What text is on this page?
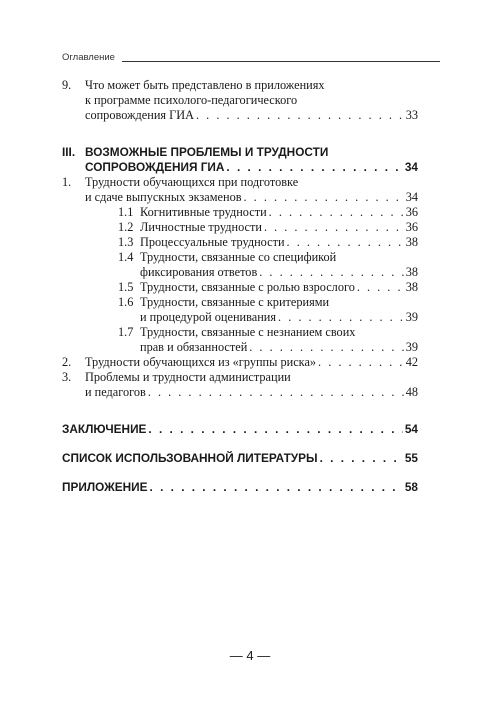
Оглавление
9. Что может быть представлено в приложениях
к программе психолого-педагогического
сопровождения ГИА . . .	33
III. ВОЗМОЖНЫЕ ПРОБЛЕМЫ И ТРУДНОСТИ
СОПРОВОЖДЕНИЯ ГИА . . .	34
1. Трудности обучающихся при подготовке
и сдаче выпускных экзаменов . . .	34
1.1 Когнитивные трудности . . .	36
1.2 Личностные трудности . . .	36
1.3 Процессуальные трудности . . .	38
1.4 Трудности, связанные со спецификой
фиксирования ответов . . .	38
1.5 Трудности, связанные с ролью взрослого . . .	38
1.6 Трудности, связанные с критериями
и процедурой оценивания . . .	39
1.7 Трудности, связанные с незнанием своих
прав и обязанностей . . .	39
2. Трудности обучающихся из «группы риска» . . .	42
3. Проблемы и трудности администрации
и педагогов . . .	48
ЗАКЛЮЧЕНИЕ . . .	54
СПИСОК ИСПОЛЬЗОВАННОЙ ЛИТЕРАТУРЫ . . .	55
ПРИЛОЖЕНИЕ . . .	58
— 4 —
